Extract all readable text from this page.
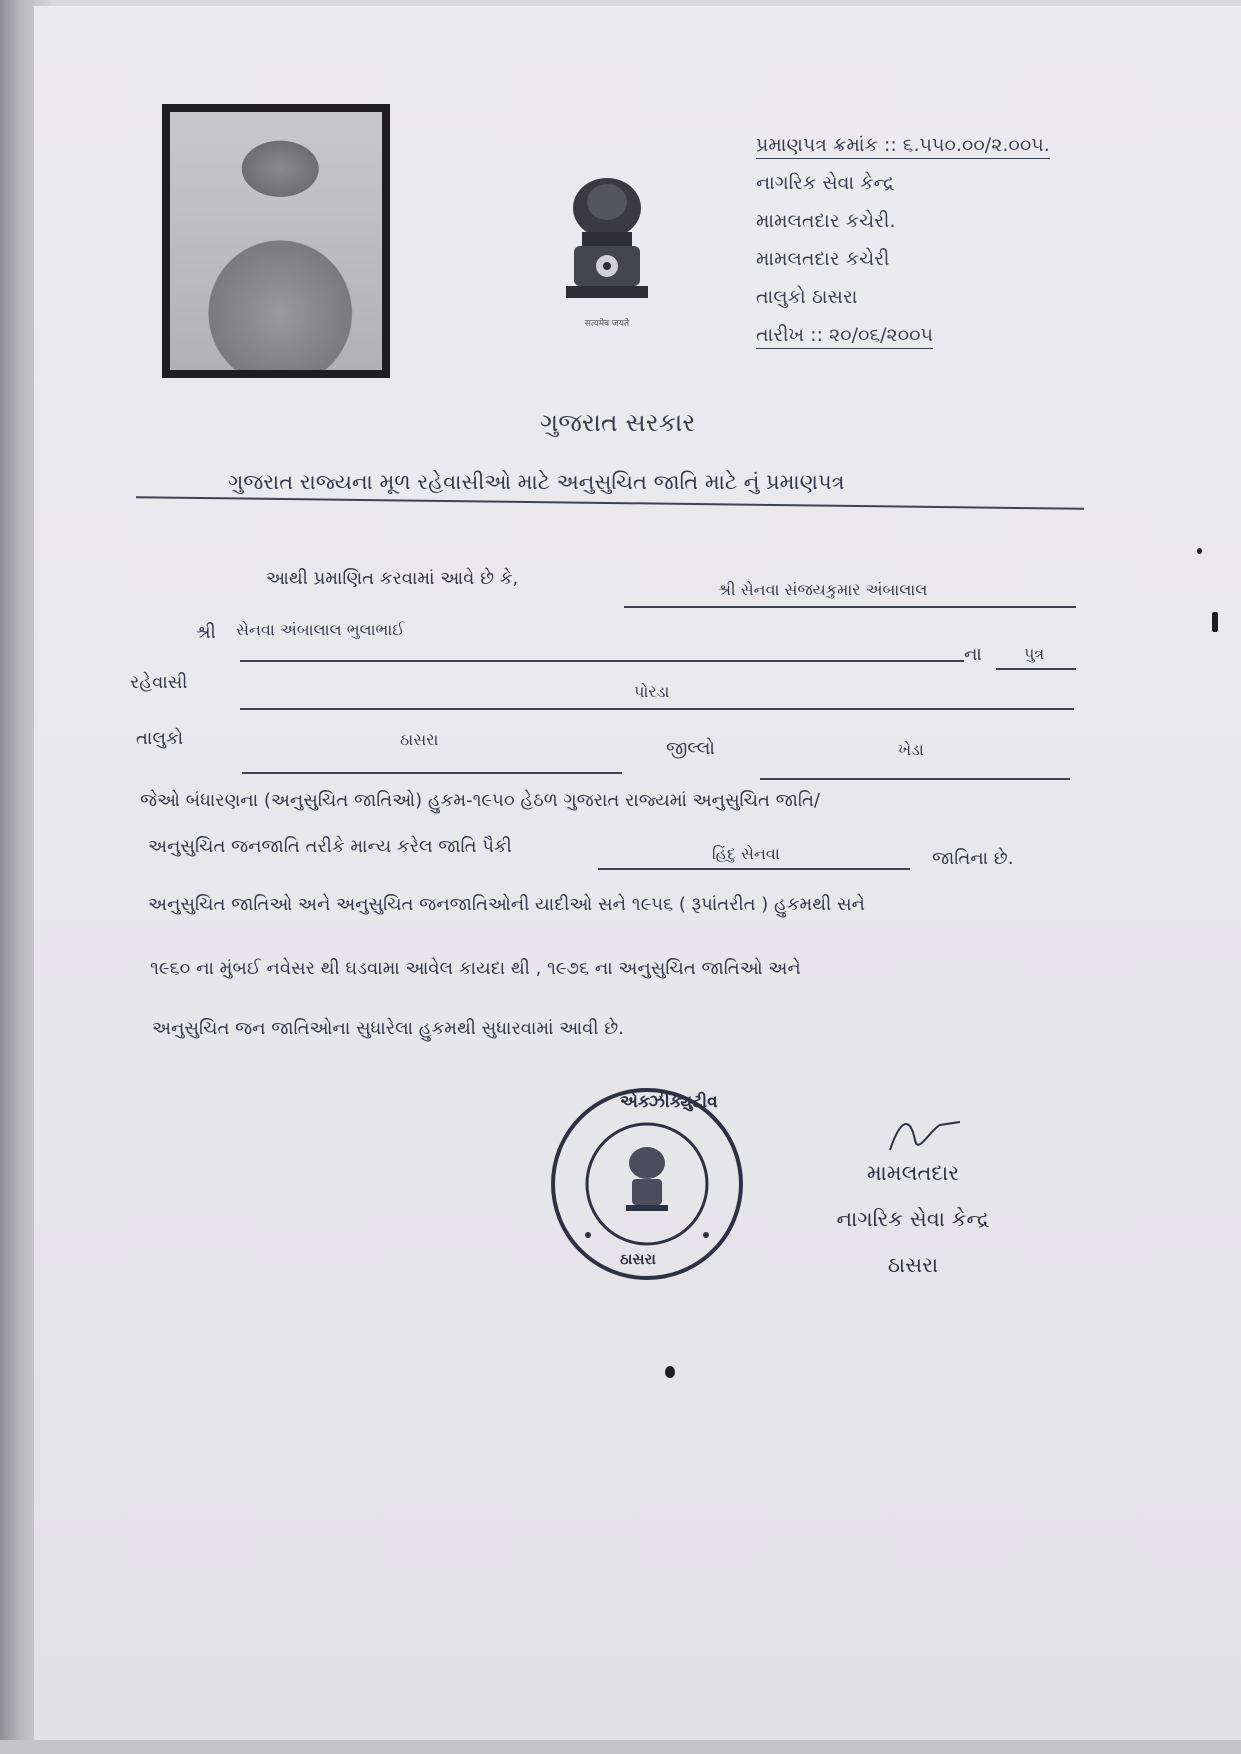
सत्यमेव जयते
પ્રમાણપત્ર ક્રમાંક :: ૬.૫૫૦.૦૦/૨.૦૦૫.
નાગરિક સેવા કેન્દ્ર
મામલતદાર કચેરી.
મામલતદાર કચેરી
તાલુકો ઠાસરા
તારીખ :: ૨૦/૦૬/૨૦૦૫
ગુજરાત સરકાર
ગુજરાત રાજ્યના મૂળ રહેવાસીઓ માટે અનુસુચિત જાતિ માટે નું પ્રમાણપત્ર
આથી પ્રમાણિત કરવામાં આવે છે કે,
શ્રી સેનવા સંજયકુમાર અંબાલાલ
શ્રી સેનવા અંબાલાલ ભુલાભાઈ
ના	પુત્ર
રહેવાસી	પોરડા
તાલુકો	ઠાસરા	જીલ્લો	ખેડા
જેઓ બંધારણના (અનુસુચિત જાતિઓ) હુકમ-૧૯૫૦ હેઠળ ગુજરાત રાજ્યમાં અનુસુચિત જાતિ/
અનુસુચિત જનજાતિ તરીકે માન્ય કરેલ જાતિ પૈકી	હિંદુ સેનવા	જાતિના છે.
અનુસુચિત જાતિઓ અને અનુસુચિત જનજાતિઓની યાદીઓ સને ૧૯૫૬ ( રૂપાંતરીત ) હુકમથી સને
૧૯૬૦ ના મુંબઈ નવેસર થી ઘડવામા આવેલ કાયદા થી , ૧૯૭૬ ના અનુસુચિત જાતિઓ અને
અનુસુચિત જન જાતિઓના સુધારેલા હુકમથી સુધારવામાં આવી છે.
એક્ઝીક્યુટીવ
ઠાસરા
મામલતદાર
નાગરિક સેવા કેન્દ્ર
ઠાસરા
